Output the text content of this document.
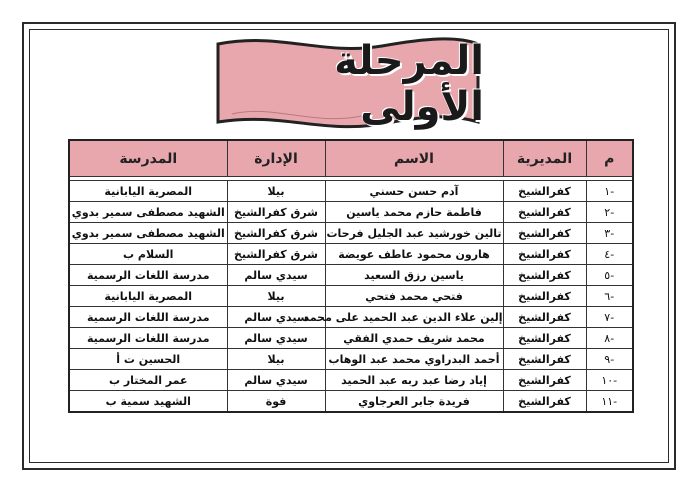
المرحلة الأولى
م	المديرية	الاسم	الإدارة	المدرسة

-١	كفرالشيخ	آدم حسن حسني	بيلا	المصرية اليابانية
-٢	كفرالشيخ	فاطمة حازم محمد ياسين	شرق كفرالشيخ	الشهيد مصطفى سمير بدوي
-٣	كفرالشيخ	تالين خورشيد عبد الجليل فرحات	شرق كفرالشيخ	الشهيد مصطفى سمير بدوي
-٤	كفرالشيخ	هارون محمود عاطف عويضة	شرق كفرالشيخ	السلام ب
-٥	كفرالشيخ	ياسين رزق السعيد	سيدي سالم	مدرسة اللغات الرسمية
-٦	كفرالشيخ	فتحي محمد فتحي	بيلا	المصرية اليابانية
-٧	كفرالشيخ	إلين علاء الدين عبد الحميد على محمد	سيدي سالم	مدرسة اللغات الرسمية
-٨	كفرالشيخ	محمد شريف حمدي الفقي	سيدي سالم	مدرسة اللغات الرسمية
-٩	كفرالشيخ	أحمد البدراوي محمد عبد الوهاب	بيلا	الحسين ت أ
-١٠	كفرالشيخ	إياد رضا عبد ربه عبد الحميد	سيدي سالم	عمر المختار ب
-١١	كفرالشيخ	فريدة جابر العرجاوي	فوة	الشهيد سمية ب
